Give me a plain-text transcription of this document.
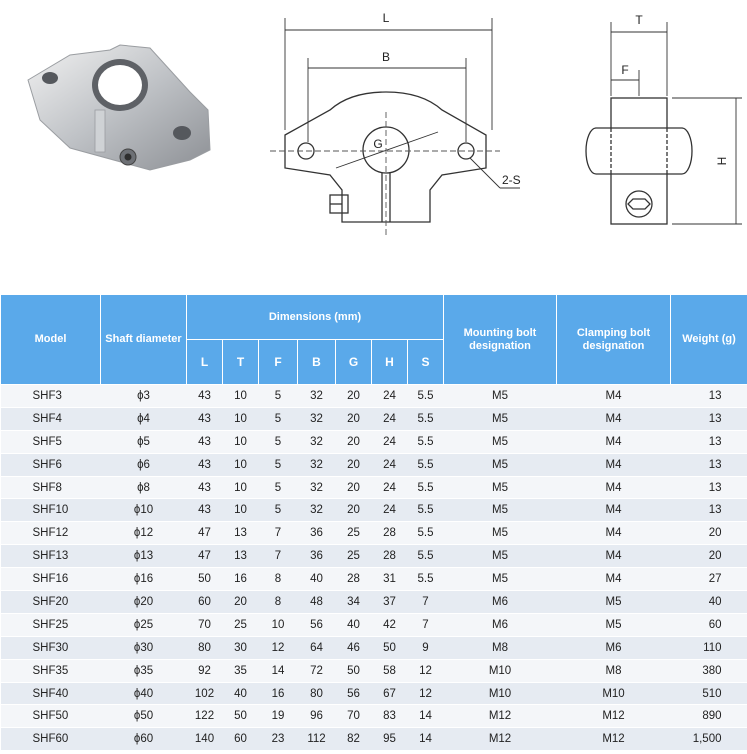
L
B
G
2-S
T
F
H
Model	Shaft diameter	Dimensions (mm)							Mounting bolt designation	Clamping bolt designation	Weight (g)
		L	T	F	B	G	H	S			
SHF3	ϕ3	43	10	5	32	20	24	5.5	M5	M4	13
SHF4	ϕ4	43	10	5	32	20	24	5.5	M5	M4	13
SHF5	ϕ5	43	10	5	32	20	24	5.5	M5	M4	13
SHF6	ϕ6	43	10	5	32	20	24	5.5	M5	M4	13
SHF8	ϕ8	43	10	5	32	20	24	5.5	M5	M4	13
SHF10	ϕ10	43	10	5	32	20	24	5.5	M5	M4	13
SHF12	ϕ12	47	13	7	36	25	28	5.5	M5	M4	20
SHF13	ϕ13	47	13	7	36	25	28	5.5	M5	M4	20
SHF16	ϕ16	50	16	8	40	28	31	5.5	M5	M4	27
SHF20	ϕ20	60	20	8	48	34	37	7	M6	M5	40
SHF25	ϕ25	70	25	10	56	40	42	7	M6	M5	60
SHF30	ϕ30	80	30	12	64	46	50	9	M8	M6	110
SHF35	ϕ35	92	35	14	72	50	58	12	M10	M8	380
SHF40	ϕ40	102	40	16	80	56	67	12	M10	M10	510
SHF50	ϕ50	122	50	19	96	70	83	14	M12	M12	890
SHF60	ϕ60	140	60	23	112	82	95	14	M12	M12	1,500
